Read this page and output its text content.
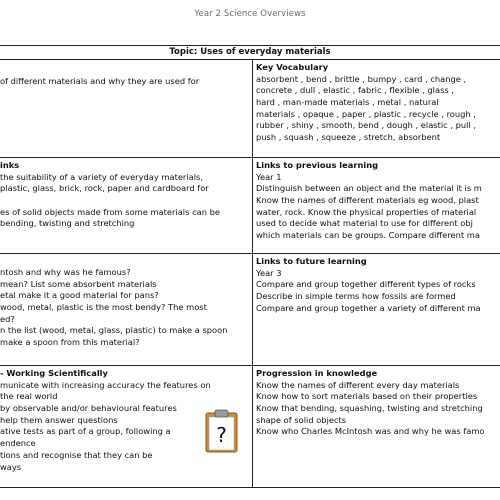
Year 2 Science Overviews
Topic: Uses of everyday materials
of different materials and why they are used for
Key Vocabulary
absorbent , bend , brittle , bumpy , card , change ,
concrete , dull , elastic , fabric , flexible , glass ,
hard , man-made materials , metal , natural
materials , opaque , paper , plastic , recycle , rough ,
rubber , shiny , smooth, bend , dough , elastic , pull ,
push , squash , squeeze , stretch, absorbent
inks
the suitability of a variety of everyday materials,
plastic, glass, brick, rock, paper and cardboard for
es of solid objects made from some materials can be
bending, twisting and stretching
Links to previous learning
Year 1
Distinguish between an object and the material it is m
Know the names of different materials eg wood, plast
water, rock. Know the physical properties of material
used to decide what material to use for different obj
which materials can be groups. Compare different ma
ntosh and why was he famous?
mean? List some absorbent materials
etal make it a good material for pans?
wood, metal, plastic is the most bendy? The most
ed?
n the list (wood, metal, glass, plastic) to make a spoon
make a spoon from this material?
Links to future learning
Year 3
Compare and group together different types of rocks
Describe in simple terms how fossils are formed
Compare and group together a variety of different ma
- Working Scientifically
municate with increasing accuracy the features on
the real world
by observable and/or behavioural features
help them answer questions
ative tests as part of a group, following a
endence
tions and recognise that they can be
ways
?
Progression in knowledge
Know the names of different every day materials
Know how to sort materials based on their properties
Know that bending, squashing, twisting and stretching
shape of solid objects
Know who Charles McIntosh was and why he was famo
